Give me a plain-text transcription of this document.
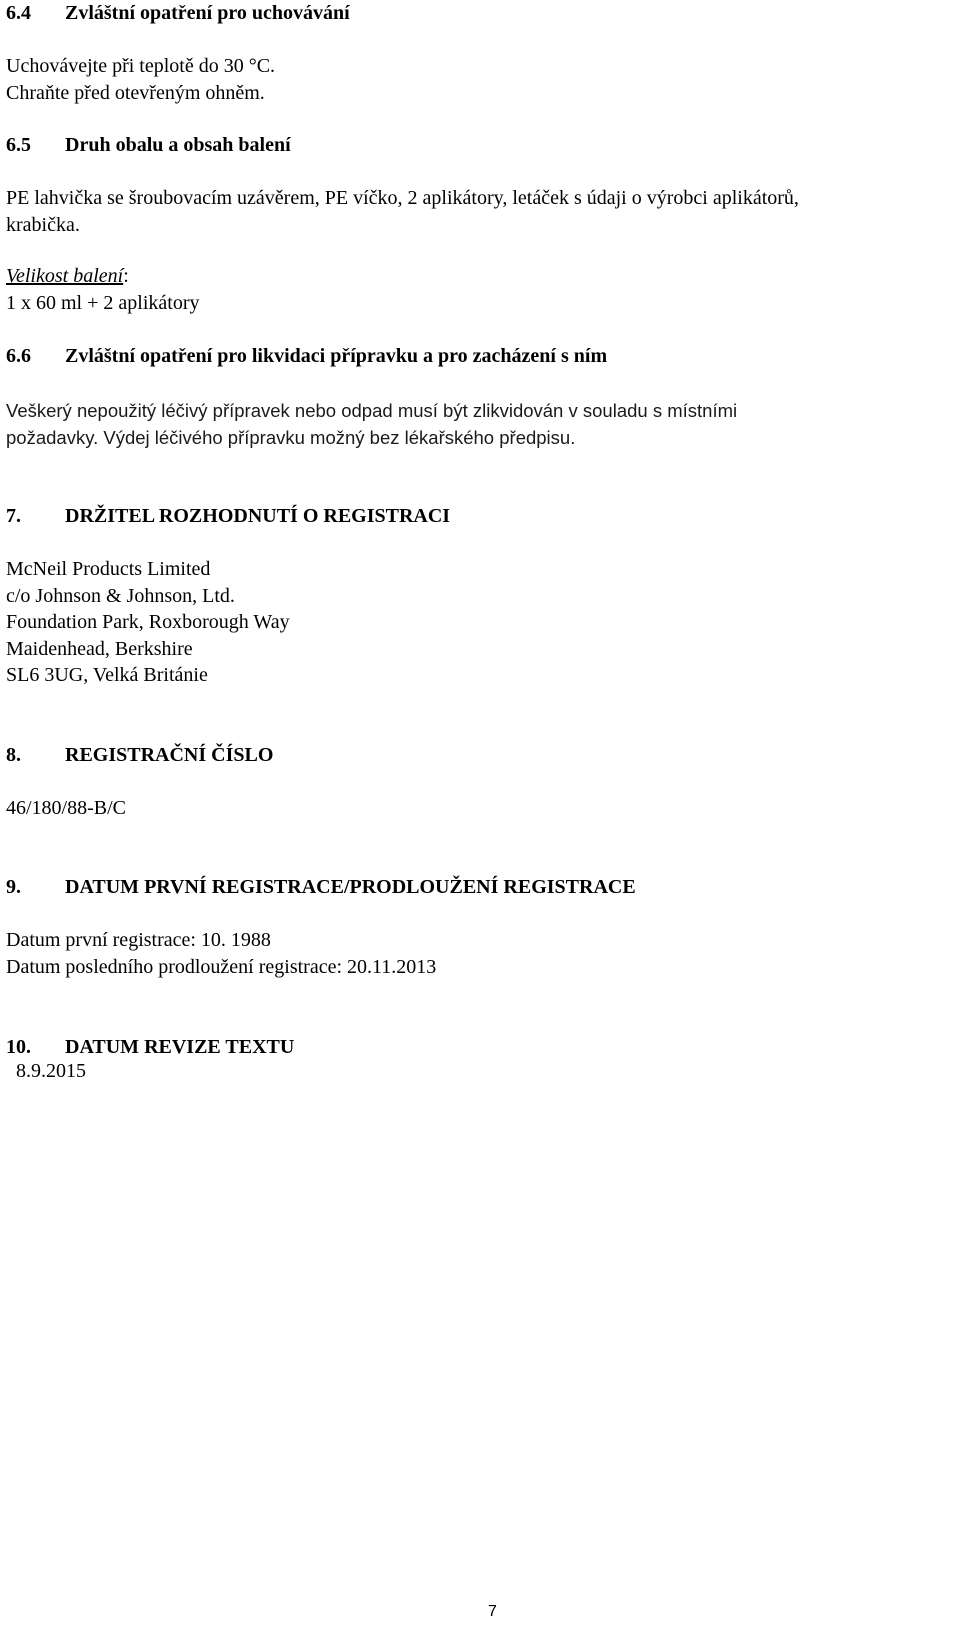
6.4 Zvláštní opatření pro uchovávání
Uchovávejte při teplotě do 30 °C.
Chraňte před otevřeným ohněm.
6.5 Druh obalu a obsah balení
PE lahvička se šroubovacím uzávěrem, PE víčko, 2 aplikátory, letáček s údaji o výrobci aplikátorů,
krabička.
Velikost balení:
1 x 60 ml + 2 aplikátory
6.6 Zvláštní opatření pro likvidaci přípravku a pro zacházení s ním
Veškerý nepoužitý léčivý přípravek nebo odpad musí být zlikvidován v souladu s místními
požadavky. Výdej léčivého přípravku možný bez lékařského předpisu.
7. DRŽITEL ROZHODNUTÍ O REGISTRACI
McNeil Products Limited
c/o Johnson & Johnson, Ltd.
Foundation Park, Roxborough Way
Maidenhead, Berkshire
SL6 3UG, Velká Británie
8. REGISTRAČNÍ ČÍSLO
46/180/88-B/C
9. DATUM PRVNÍ REGISTRACE/PRODLOUŽENÍ REGISTRACE
Datum první registrace: 10. 1988
Datum posledního prodloužení registrace: 20.11.2013
10. DATUM REVIZE TEXTU
8.9.2015
7
